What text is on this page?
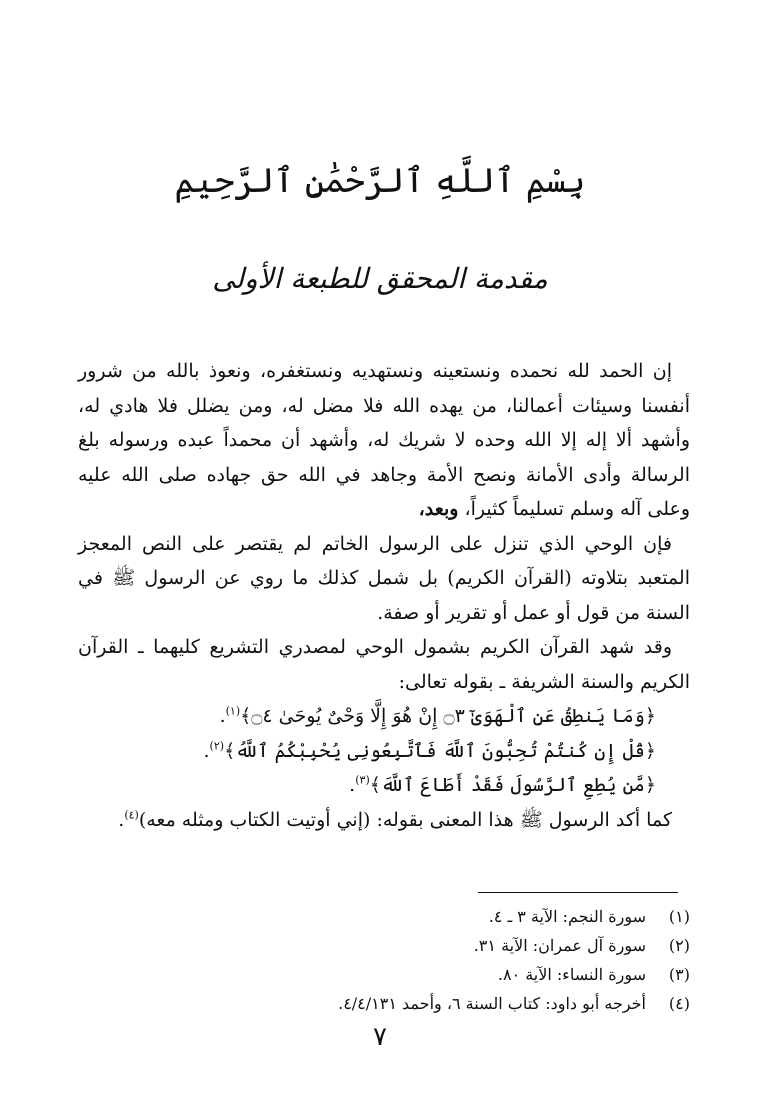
بِسْمِ ٱللَّهِ ٱلرَّحْمَٰنِ ٱلرَّحِيمِ
مقدمة المحقق للطبعة الأولى

إن الحمد لله نحمده ونستعينه ونستهديه ونستغفره، ونعوذ بالله من شرور أنفسنا وسيئات أعمالنا، من يهده الله فلا مضل له، ومن يضلل فلا هادي له، وأشهد ألا إله إلا الله وحده لا شريك له، وأشهد أن محمداً عبده ورسوله بلغ الرسالة وأدى الأمانة ونصح الأمة وجاهد في الله حق جهاده صلى الله عليه وعلى آله وسلم تسليماً كثيراً، وبعد،

فإن الوحي الذي تنزل على الرسول الخاتم لم يقتصر على النص المعجز المتعبد بتلاوته (القرآن الكريم) بل شمل كذلك ما روي عن الرسول ﷺ في السنة من قول أو عمل أو تقرير أو صفة.

وقد شهد القرآن الكريم بشمول الوحي لمصدري التشريع كليهما ـ القرآن الكريم والسنة الشريفة ـ بقوله تعالى:

﴿وَمَا يَنطِقُ عَنِ ٱلْهَوَىٰٓ ۝٣ إِنْ هُوَ إِلَّا وَحْىٌ يُوحَىٰ ۝٤﴾$^{(١)}$.

﴿قُلْ إِن كُنتُمْ تُحِبُّونَ ٱللَّهَ فَٱتَّبِعُونِى يُحْبِبْكُمُ ٱللَّهُ﴾$^{(٢)}$.

﴿مَّن يُطِعِ ٱلرَّسُولَ فَقَدْ أَطَاعَ ٱللَّهَ﴾$^{(٣)}$.

كما أكد الرسول ﷺ هذا المعنى بقوله: (إني أوتيت الكتاب ومثله معه)$^{(٤)}$.

(١)
سورة النجم: الآية ٣ ـ ٤.
(٢)
سورة آل عمران: الآية ٣١.
(٣)
سورة النساء: الآية ٨٠.
(٤)
أخرجه أبو داود: كتاب السنة ٦، وأحمد ٤/٤/١٣١.
٧
